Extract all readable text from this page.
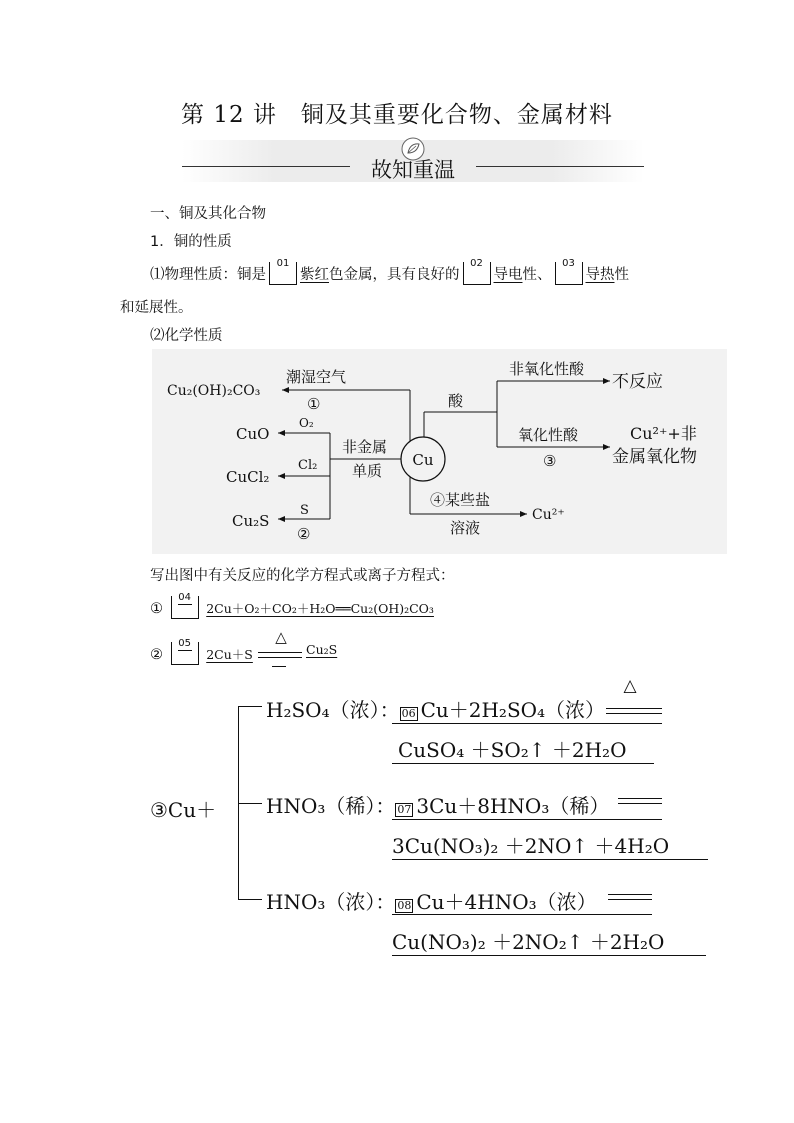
第 12 讲　铜及其重要化合物、金属材料
故知重温
一、铜及其化合物
1．铜的性质
⑴物理性质：铜是
01
紫红色金属，具有良好的
02
导电性、
03
导热性
和延展性。
⑵化学性质
Cu
Cu₂(OH)₂CO₃
潮湿空气
①
O₂
CuO
非金属
单质
Cl₂
CuCl₂
S
Cu₂S
②
酸
非氧化性酸
不反应
氧化性酸
③
Cu²⁺+非
金属氧化物
④某些盐
溶液
Cu²⁺
写出图中有关反应的化学方程式或离子方程式：
①
04
2Cu＋O₂＋CO₂＋H₂O══Cu₂(OH)₂CO₃
②
05
2Cu＋S
△
Cu₂S
③Cu＋
H₂SO₄（浓）： 06 Cu＋2H₂SO₄（浓）
△
CuSO₄ ＋SO₂↑ ＋2H₂O
HNO₃（稀）： 07 3Cu＋8HNO₃（稀）
3Cu(NO₃)₂ ＋2NO↑ ＋4H₂O
HNO₃（浓）： 08 Cu＋4HNO₃（浓）
Cu(NO₃)₂ ＋2NO₂↑ ＋2H₂O
